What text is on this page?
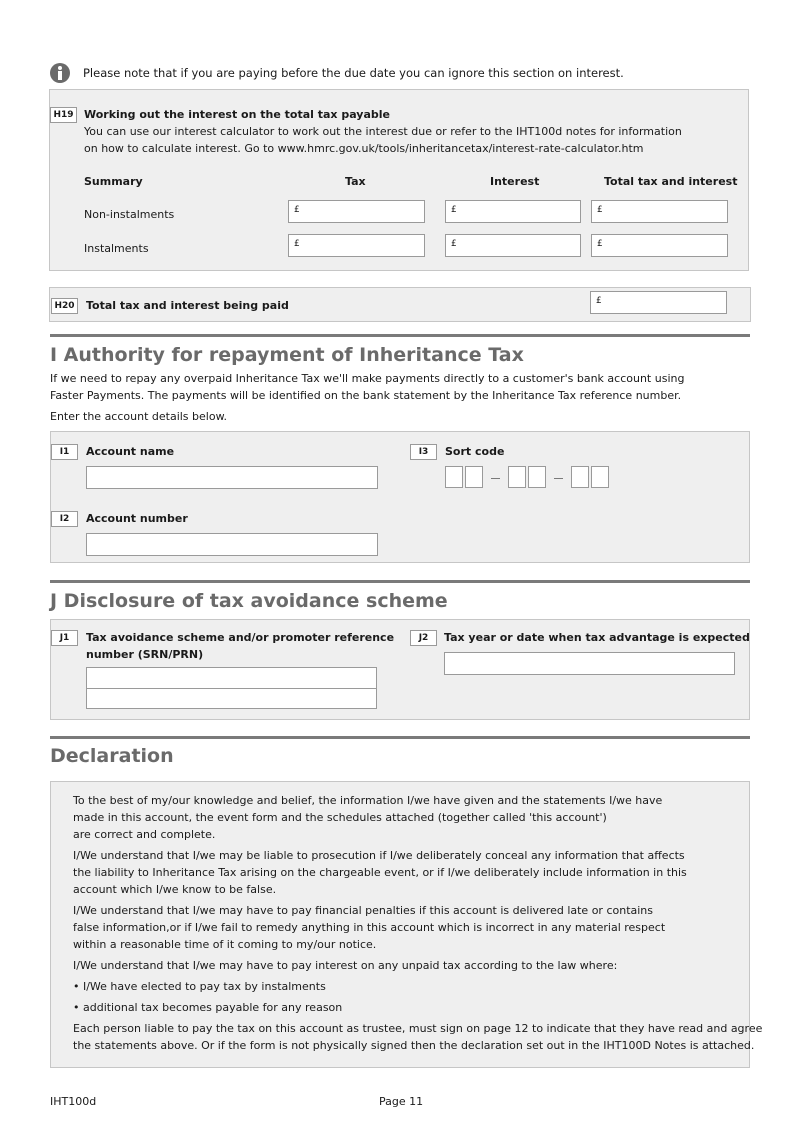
Please note that if you are paying before the due date you can ignore this section on interest.
H19 Working out the interest on the total tax payable
You can use our interest calculator to work out the interest due or refer to the IHT100d notes for information
on how to calculate interest. Go to www.hmrc.gov.uk/tools/inheritancetax/interest-rate-calculator.htm
Summary	Tax	Interest	Total tax and interest
Non-instalments	£	£	£
Instalments	£	£	£
H20	Total tax and interest being paid	£
I Authority for repayment of Inheritance Tax
If we need to repay any overpaid Inheritance Tax we'll make payments directly to a customer's bank account using
Faster Payments. The payments will be identified on the bank statement by the Inheritance Tax reference number.
Enter the account details below.
I1	Account name
I2	Account number
I3	Sort code
J Disclosure of tax avoidance scheme
J1	Tax avoidance scheme and/or promoter reference
number (SRN/PRN)
J2	Tax year or date when tax advantage is expected
Declaration
To the best of my/our knowledge and belief, the information I/we have given and the statements I/we have
made in this account, the event form and the schedules attached (together called 'this account')
are correct and complete.
I/We understand that I/we may be liable to prosecution if I/we deliberately conceal any information that affects
the liability to Inheritance Tax arising on the chargeable event, or if I/we deliberately include information in this
account which I/we know to be false.
I/We understand that I/we may have to pay financial penalties if this account is delivered late or contains
false information,or if I/we fail to remedy anything in this account which is incorrect in any material respect
within a reasonable time of it coming to my/our notice.
I/We understand that I/we may have to pay interest on any unpaid tax according to the law where:
• I/We have elected to pay tax by instalments
• additional tax becomes payable for any reason
Each person liable to pay the tax on this account as trustee, must sign on page 12 to indicate that they have read and agree
the statements above. Or if the form is not physically signed then the declaration set out in the IHT100D Notes is attached.
IHT100d	Page 11
